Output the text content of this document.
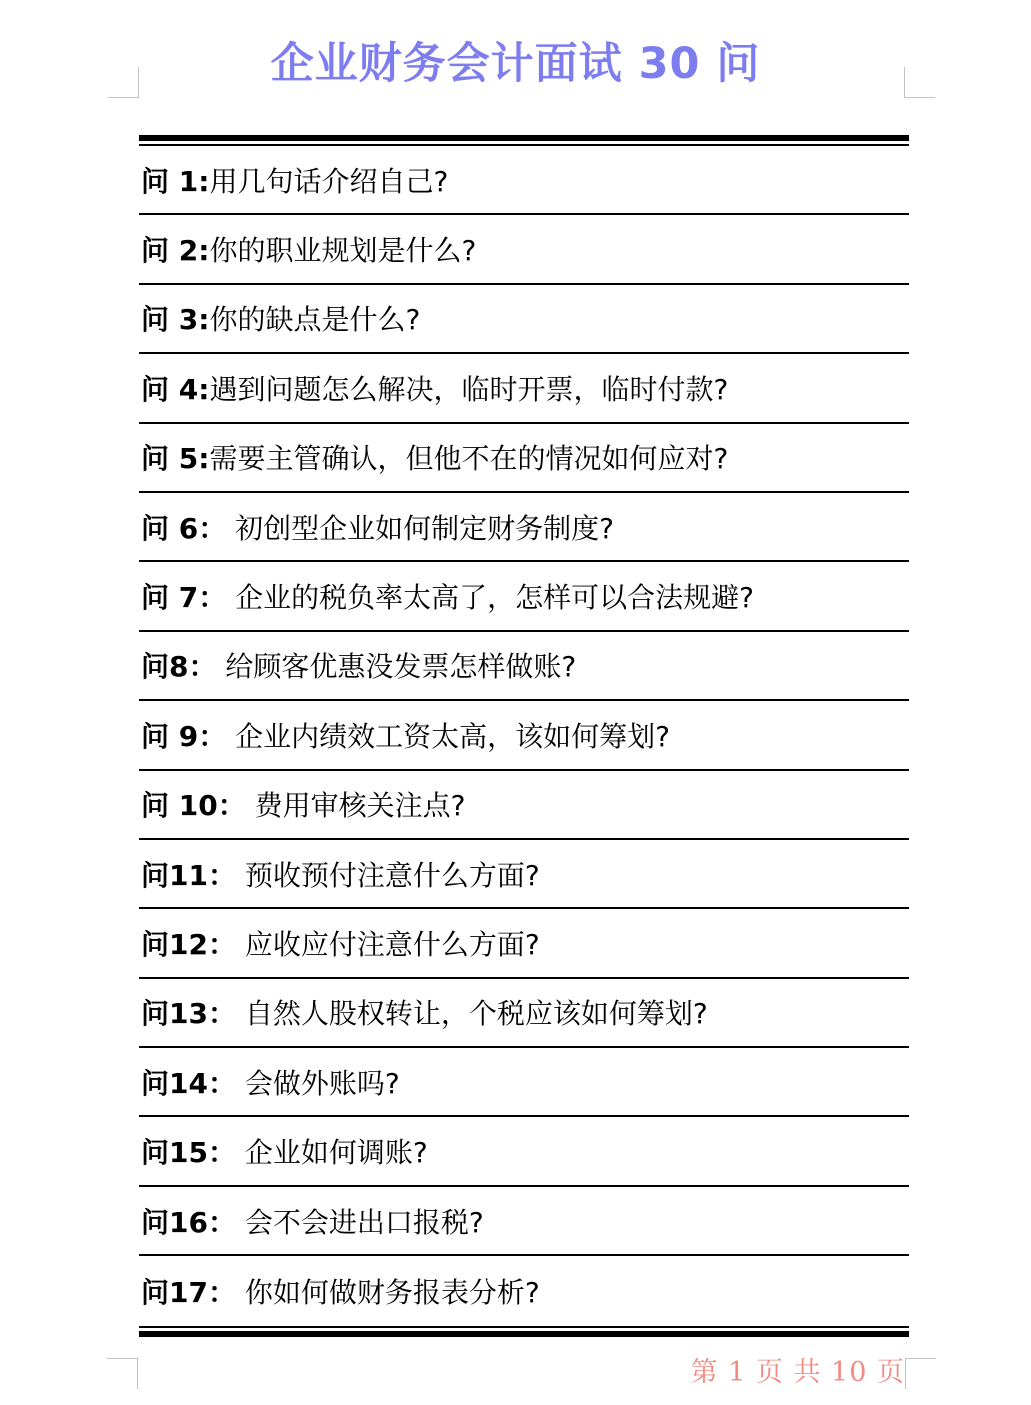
企业财务会计面试 30 问
问 1: 用几句话介绍自己?
问 2: 你的职业规划是什么?
问 3: 你的缺点是什么?
问 4: 遇到问题怎么解决，临时开票，临时付款?
问 5: 需要主管确认，但他不在的情况如何应对?
问 6： 初创型企业如何制定财务制度?
问 7： 企业的税负率太高了，怎样可以合法规避?
问8： 给顾客优惠没发票怎样做账?
问 9： 企业内绩效工资太高，该如何筹划?
问 10： 费用审核关注点?
问11： 预收预付注意什么方面?
问12： 应收应付注意什么方面?
问13： 自然人股权转让，个税应该如何筹划?
问14： 会做外账吗?
问15： 企业如何调账?
问16： 会不会进出口报税?
问17： 你如何做财务报表分析?
第 1 页 共 10 页
